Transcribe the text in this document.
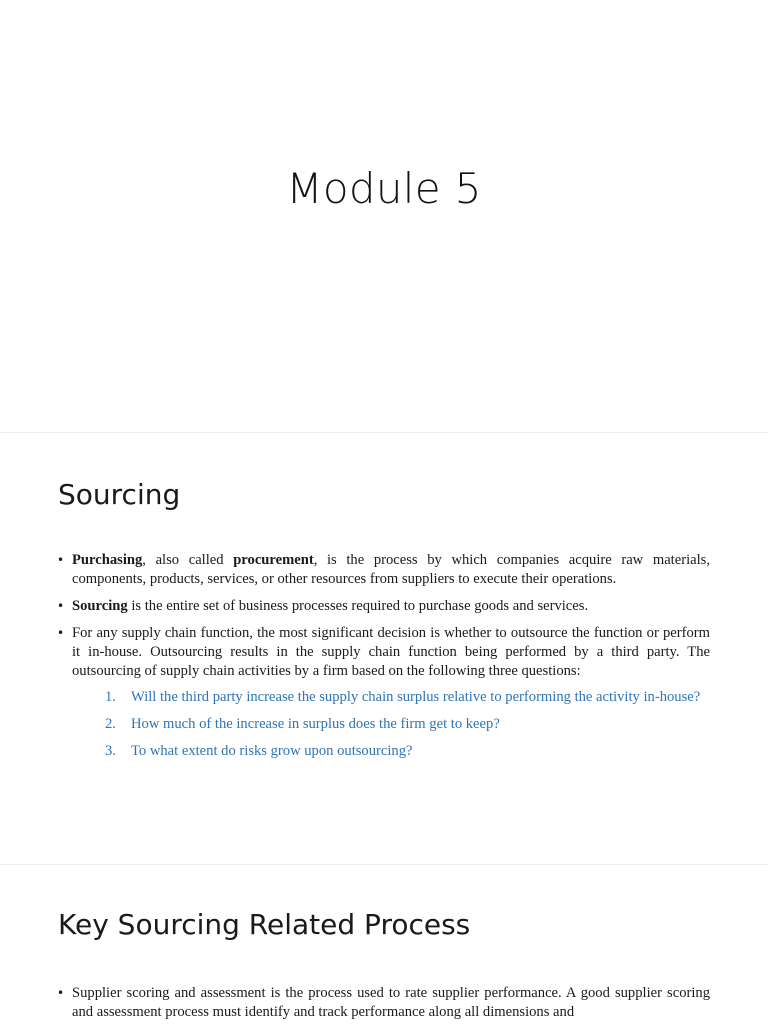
Module 5
Sourcing
• Purchasing, also called procurement, is the process by which companies acquire raw materials, components, products, services, or other resources from suppliers to execute their operations.
• Sourcing is the entire set of business processes required to purchase goods and services.
• For any supply chain function, the most significant decision is whether to outsource the function or perform it in-house. Outsourcing results in the supply chain function being performed by a third party. The outsourcing of supply chain activities by a firm based on the following three questions:
1. Will the third party increase the supply chain surplus relative to performing the activity in-house?
2. How much of the increase in surplus does the firm get to keep?
3. To what extent do risks grow upon outsourcing?
Key Sourcing Related Process
• Supplier scoring and assessment is the process used to rate supplier performance. A good supplier scoring and assessment process must identify and track performance along all dimensions and
